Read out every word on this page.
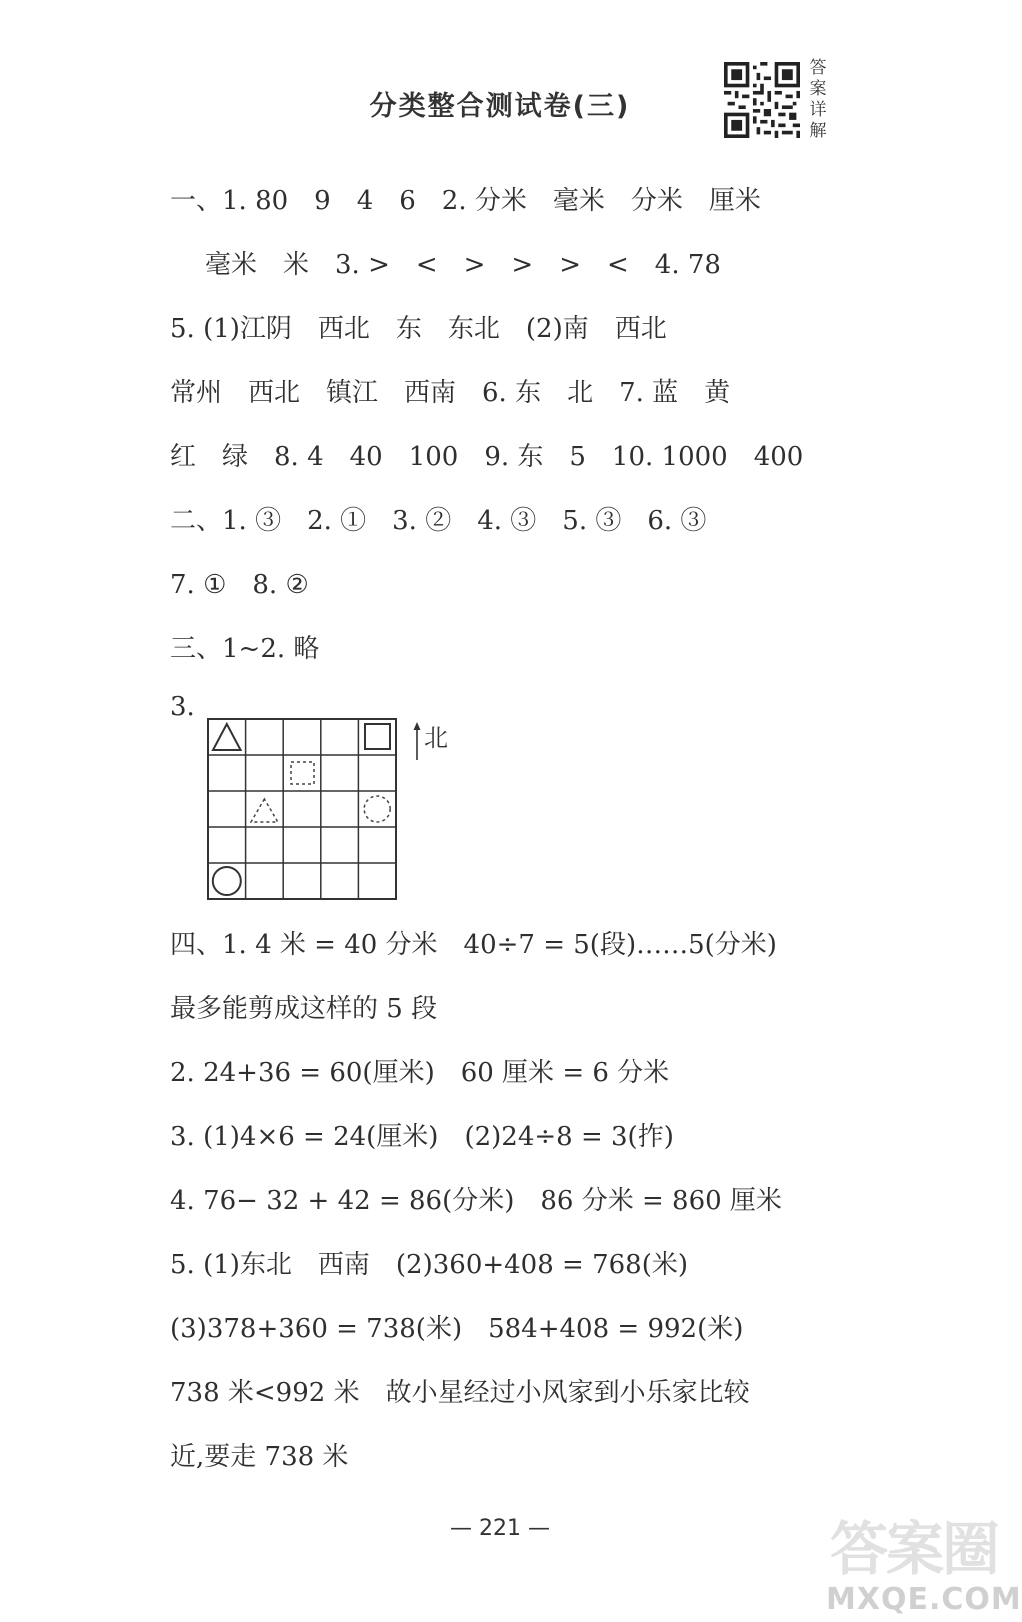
分类整合测试卷(三)
答案详解
一、1. 80　9　4　6　2. 分米　毫米　分米　厘米
毫米　米　3. >　<　>　>　>　<　4. 78
5. (1)江阴　西北　东　东北　(2)南　西北
常州　西北　镇江　西南　6. 东　北　7. 蓝　黄
红　绿　8. 4　40　100　9. 东　5　10. 1000　400
二、1. ③　2. ①　3. ②　4. ③　5. ③　6. ③
7. ①　8. ②
三、1~2. 略
3.
北
四、1. 4 米 = 40 分米　40÷7 = 5(段)……5(分米)
最多能剪成这样的 5 段
2. 24+36 = 60(厘米)　60 厘米 = 6 分米
3. (1)4×6 = 24(厘米)　(2)24÷8 = 3(拃)
4. 76− 32 + 42 = 86(分米)　86 分米 = 860 厘米
5. (1)东北　西南　(2)360+408 = 768(米)
(3)378+360 = 738(米)　584+408 = 992(米)
738 米<992 米　故小星经过小风家到小乐家比较
近,要走 738 米
— 221 —	答案圈
MXQE.COM
